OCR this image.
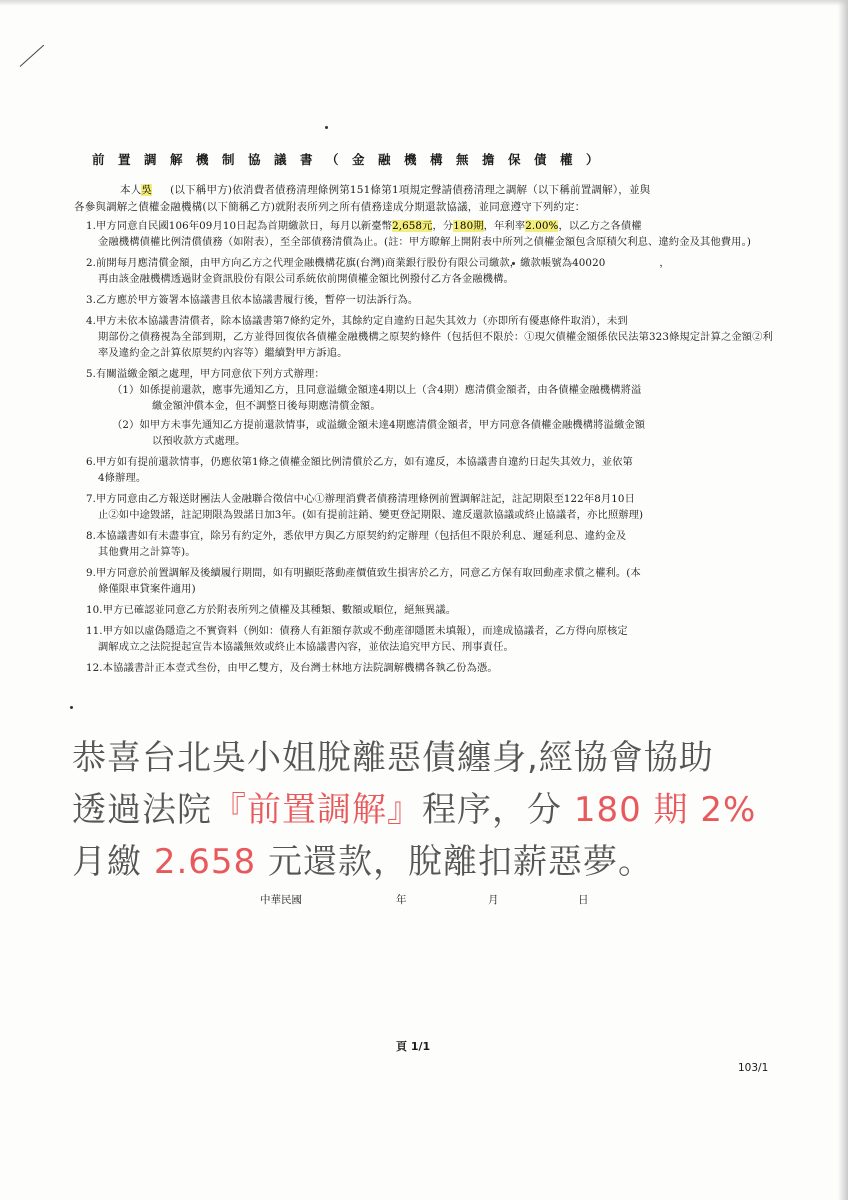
前置調解機制協議書（金融機構無擔保債權）
本人吳 (以下稱甲方)依消費者債務清理條例第151條第1項規定聲請債務清理之調解（以下稱前置調解），並與
各參與調解之債權金融機構(以下簡稱乙方)就附表所列之所有債務達成分期還款協議，並同意遵守下列約定：
1.甲方同意自民國106年09月10日起為首期繳款日，每月以新臺幣2,658元，分180期，年利率2.00%，以乙方之各債權
金融機構債權比例清償債務（如附表），至全部債務清償為止。(註：甲方瞭解上開附表中所列之債權金額包含原積欠利息、違約金及其他費用。)
2.前開每月應清償金額，由甲方向乙方之代理金融機構花旗(台灣)商業銀行股份有限公司繳款，繳款帳號為40020	，
再由該金融機構透過財金資訊股份有限公司系統依前開債權金額比例撥付乙方各金融機構。
3.乙方應於甲方簽署本協議書且依本協議書履行後，暫停一切法訴行為。
4.甲方未依本協議書清償者，除本協議書第7條約定外，其餘約定自違約日起失其效力（亦即所有優惠條件取消），未到
期部份之債務視為全部到期，乙方並得回復依各債權金融機構之原契約條件（包括但不限於：①現欠債權金額係依民法第323條規定計算之金額②利率及違約金之計算依原契約內容等）繼續對甲方訴追。
5.有關溢繳金額之處理，甲方同意依下列方式辦理：
（1）如係提前還款，應事先通知乙方，且同意溢繳金額達4期以上（含4期）應清償金額者，由各債權金融機構將溢
繳金額沖償本金，但不調整日後每期應清償金額。
（2）如甲方未事先通知乙方提前還款情事，或溢繳金額未達4期應清償金額者，甲方同意各債權金融機構將溢繳金額
以預收款方式處理。
6.甲方如有提前還款情事，仍應依第1條之債權金額比例清償於乙方，如有違反，本協議書自違約日起失其效力，並依第
4條辦理。
7.甲方同意由乙方報送財團法人金融聯合徵信中心①辦理消費者債務清理條例前置調解註記，註記期限至122年8月10日
止②如中途毀諾，註記期限為毀諾日加3年。(如有提前註銷、變更登記期限、違反還款協議或終止協議者，亦比照辦理)
8.本協議書如有未盡事宜，除另有約定外，悉依甲方與乙方原契約約定辦理（包括但不限於利息、遲延利息、違約金及
其他費用之計算等)。
9.甲方同意於前置調解及後續履行期間，如有明顯貶落動產價值致生損害於乙方，同意乙方保有取回動產求償之權利。(本
條僅限車貸案件適用)
10.甲方已確認並同意乙方於附表所列之債權及其種類、數額或順位，絕無異議。
11.甲方如以虛偽隱造之不實資料（例如：債務人有鉅額存款或不動產卻隱匿未填報），而達成協議者，乙方得向原核定
調解成立之法院提起宣告本協議無效或終止本協議書內容，並依法追究甲方民、刑事責任。
12.本協議書計正本壹式叁份，由甲乙雙方，及台灣士林地方法院調解機構各執乙份為憑。
恭喜台北吳小姐脫離惡債纏身,經協會協助
透過法院『前置調解』程序，分 180 期 2%
月繳 2.658 元還款，脫離扣薪惡夢。
中華民國	年	月	日
頁 1/1
103/1
